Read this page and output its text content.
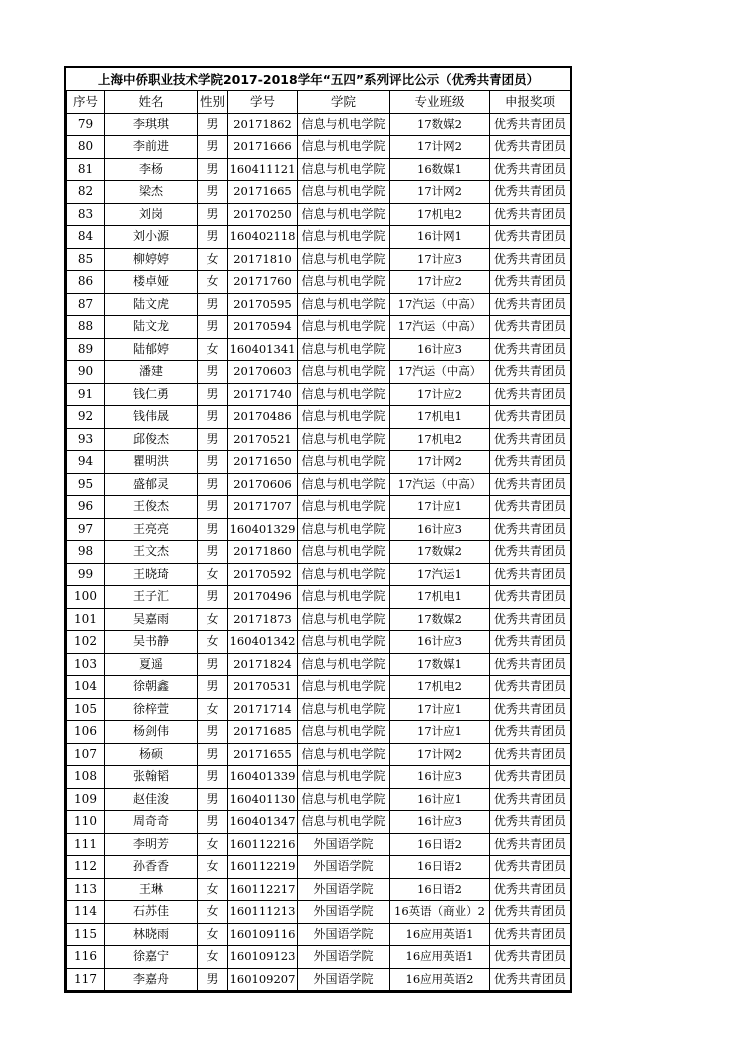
上海中侨职业技术学院2017-2018学年“五四”系列评比公示（优秀共青团员）						
序号	姓名	性别	学号	学院	专业班级	申报奖项
79	李琪琪	男	20171862	信息与机电学院	17数媒2	优秀共青团员
80	李前进	男	20171666	信息与机电学院	17计网2	优秀共青团员
81	李杨	男	160411121	信息与机电学院	16数媒1	优秀共青团员
82	梁杰	男	20171665	信息与机电学院	17计网2	优秀共青团员
83	刘岗	男	20170250	信息与机电学院	17机电2	优秀共青团员
84	刘小源	男	160402118	信息与机电学院	16计网1	优秀共青团员
85	柳婷婷	女	20171810	信息与机电学院	17计应3	优秀共青团员
86	楼卓娅	女	20171760	信息与机电学院	17计应2	优秀共青团员
87	陆文虎	男	20170595	信息与机电学院	17汽运（中高）	优秀共青团员
88	陆文龙	男	20170594	信息与机电学院	17汽运（中高）	优秀共青团员
89	陆郁婷	女	160401341	信息与机电学院	16计应3	优秀共青团员
90	潘建	男	20170603	信息与机电学院	17汽运（中高）	优秀共青团员
91	钱仁勇	男	20171740	信息与机电学院	17计应2	优秀共青团员
92	钱伟晟	男	20170486	信息与机电学院	17机电1	优秀共青团员
93	邱俊杰	男	20170521	信息与机电学院	17机电2	优秀共青团员
94	瞿明洪	男	20171650	信息与机电学院	17计网2	优秀共青团员
95	盛郁灵	男	20170606	信息与机电学院	17汽运（中高）	优秀共青团员
96	王俊杰	男	20171707	信息与机电学院	17计应1	优秀共青团员
97	王亮亮	男	160401329	信息与机电学院	16计应3	优秀共青团员
98	王文杰	男	20171860	信息与机电学院	17数媒2	优秀共青团员
99	王晓琦	女	20170592	信息与机电学院	17汽运1	优秀共青团员
100	王子汇	男	20170496	信息与机电学院	17机电1	优秀共青团员
101	吴嘉雨	女	20171873	信息与机电学院	17数媒2	优秀共青团员
102	吴书静	女	160401342	信息与机电学院	16计应3	优秀共青团员
103	夏遥	男	20171824	信息与机电学院	17数媒1	优秀共青团员
104	徐朝鑫	男	20170531	信息与机电学院	17机电2	优秀共青团员
105	徐梓萱	女	20171714	信息与机电学院	17计应1	优秀共青团员
106	杨剑伟	男	20171685	信息与机电学院	17计应1	优秀共青团员
107	杨硕	男	20171655	信息与机电学院	17计网2	优秀共青团员
108	张翰韬	男	160401339	信息与机电学院	16计应3	优秀共青团员
109	赵佳浚	男	160401130	信息与机电学院	16计应1	优秀共青团员
110	周奇奇	男	160401347	信息与机电学院	16计应3	优秀共青团员
111	李明芳	女	160112216	外国语学院	16日语2	优秀共青团员
112	孙香香	女	160112219	外国语学院	16日语2	优秀共青团员
113	王琳	女	160112217	外国语学院	16日语2	优秀共青团员
114	石苏佳	女	160111213	外国语学院	16英语（商业）2	优秀共青团员
115	林晓雨	女	160109116	外国语学院	16应用英语1	优秀共青团员
116	徐嘉宁	女	160109123	外国语学院	16应用英语1	优秀共青团员
117	李嘉舟	男	160109207	外国语学院	16应用英语2	优秀共青团员
